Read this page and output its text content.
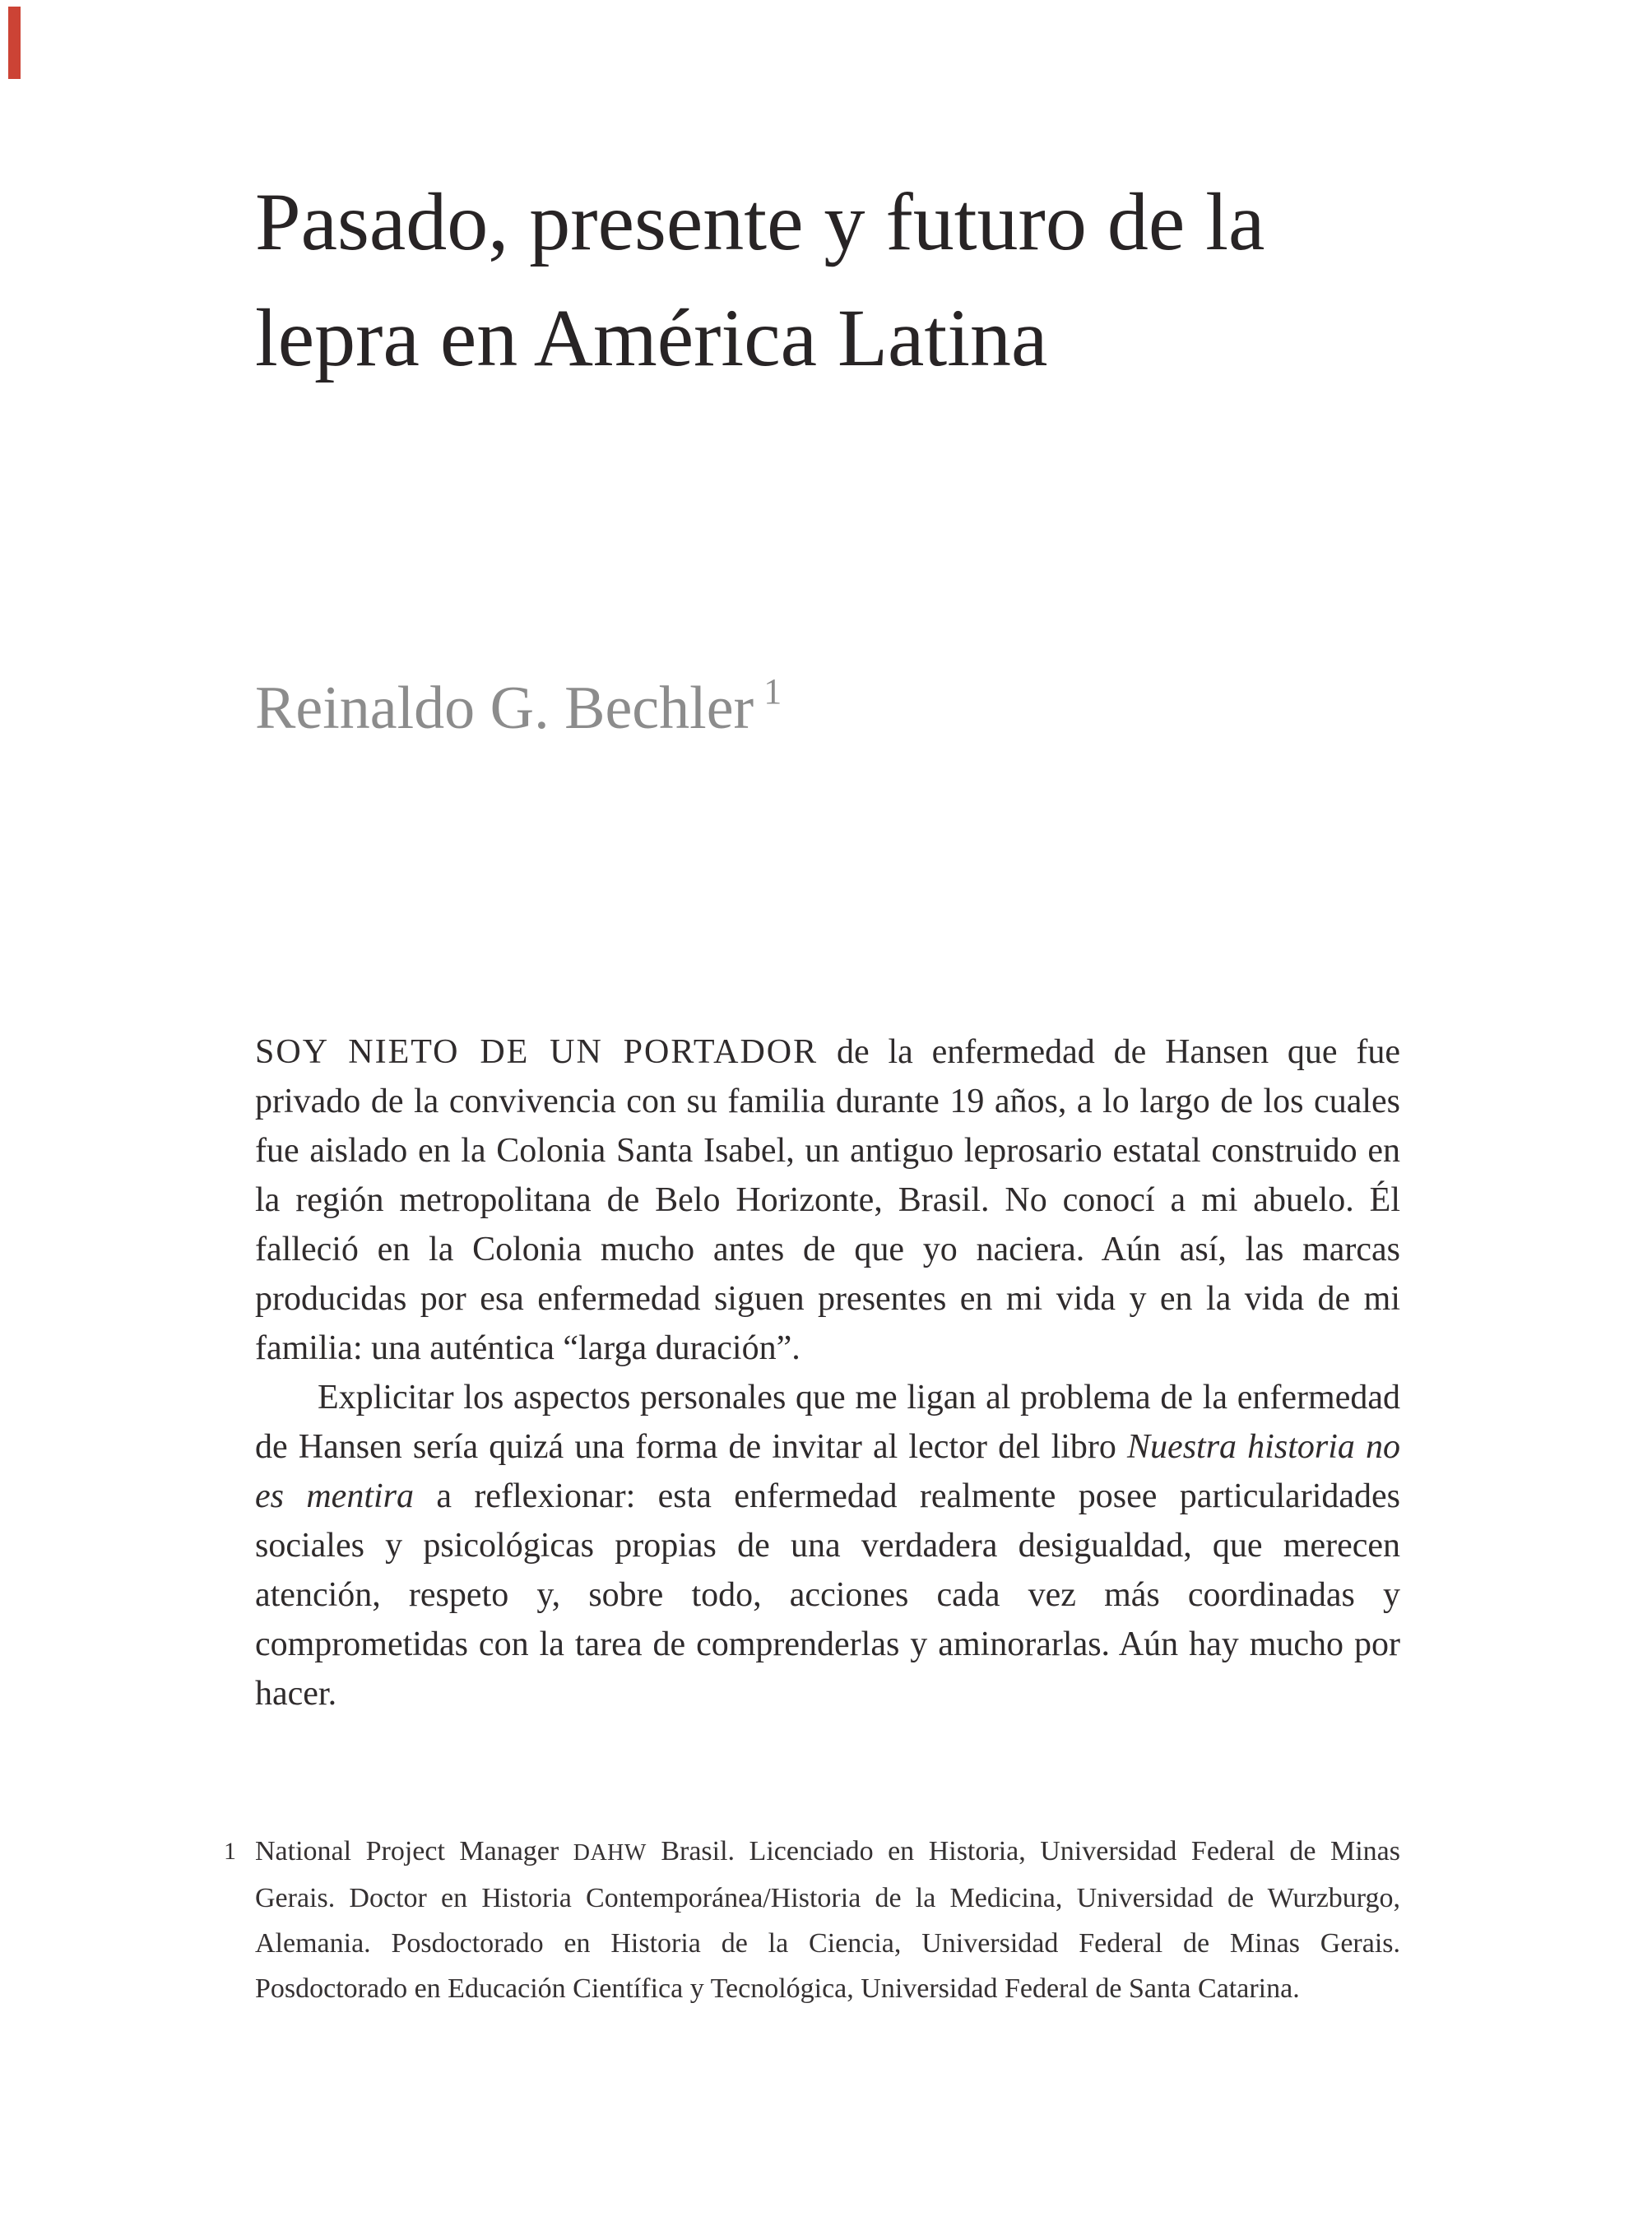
Pasado, presente y futuro de la
lepra en América Latina
Reinaldo G. Bechler $^1$

SOY NIETO DE UN PORTADOR de la enfermedad de Hansen que fue privado de la convivencia con su familia durante 19 años, a lo largo de los cuales fue aislado en la Colonia Santa Isabel, un antiguo leprosario estatal construido en la región metropolitana de Belo Horizonte, Brasil. No conocí a mi abuelo. Él falleció en la Colonia mucho antes de que yo naciera. Aún así, las marcas producidas por esa enfermedad siguen presentes en mi vida y en la vida de mi familia: una auténtica “larga duración”.

Explicitar los aspectos personales que me ligan al problema de la enfermedad de Hansen sería quizá una forma de invitar al lector del libro Nuestra historia no es mentira a reflexionar: esta enfermedad realmente posee particularidades sociales y psicológicas propias de una verdadera desigualdad, que merecen atención, respeto y, sobre todo, acciones cada vez más coordinadas y comprometidas con la tarea de comprenderlas y aminorarlas. Aún hay mucho por hacer.

1 National Project Manager DAHW Brasil. Licenciado en Historia, Universidad Federal de Minas Gerais. Doctor en Historia Contemporánea/Historia de la Medicina, Universidad de Wurzburgo, Alemania. Posdoctorado en Historia de la Ciencia, Universidad Federal de Minas Gerais. Posdoctorado en Educación Científica y Tecnológica, Universidad Federal de Santa Catarina.
